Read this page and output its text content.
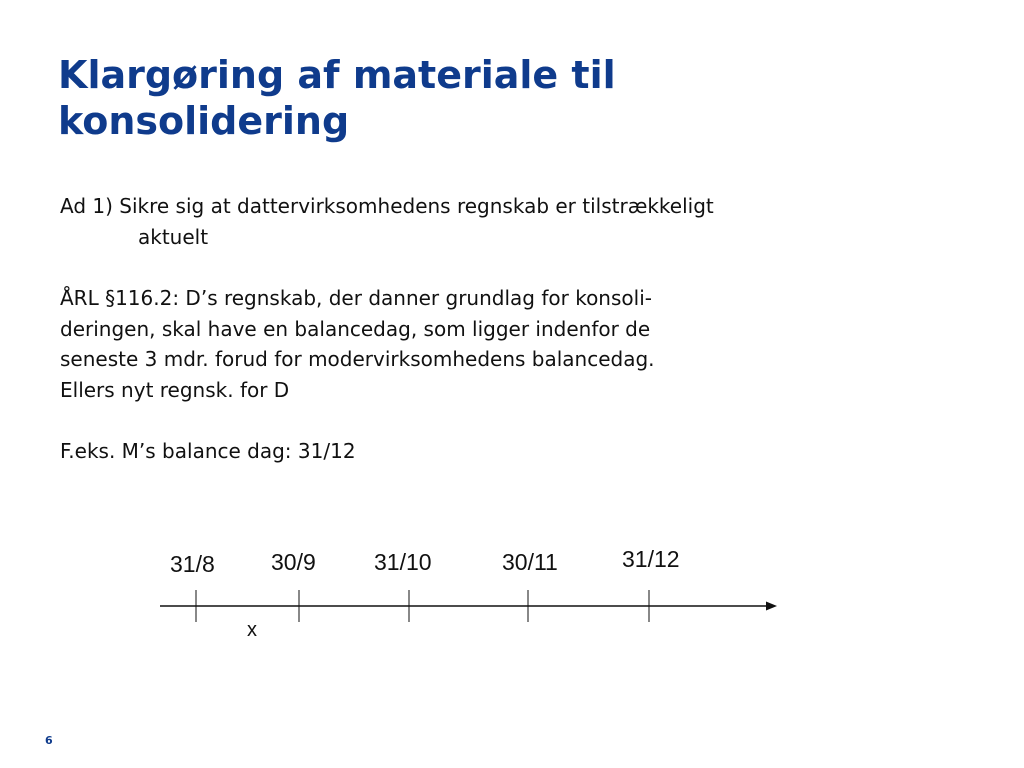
Klargøring af materiale til
konsolidering
Ad 1) Sikre sig at dattervirksomhedens regnskab er tilstrækkeligt
aktuelt
ÅRL §116.2: D’s regnskab, der danner grundlag for konsoli-
deringen, skal have en balancedag, som ligger indenfor de
seneste 3 mdr. forud for modervirksomhedens balancedag.
Ellers nyt regnsk. for D
F.eks. M’s balance dag: 31/12
31/8 30/9	31/10	30/11	31/12
x
6
